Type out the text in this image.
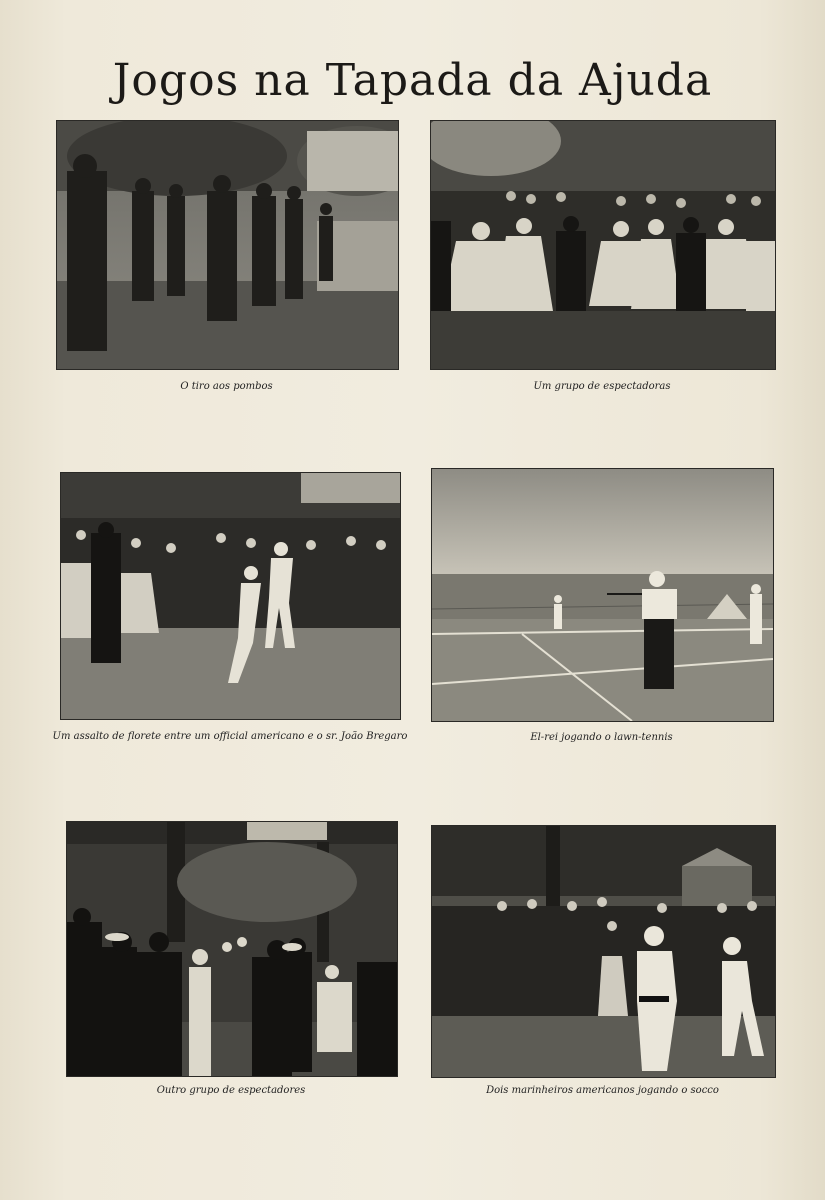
Jogos na Tapada da Ajuda
O tiro aos pombos	Um grupo de espectadoras
Um assalto de florete entre um official americano e o sr. João Bregaro	El-rei jogando o lawn-tennis
Outro grupo de espectadores	Dois marinheiros americanos jogando o socco
